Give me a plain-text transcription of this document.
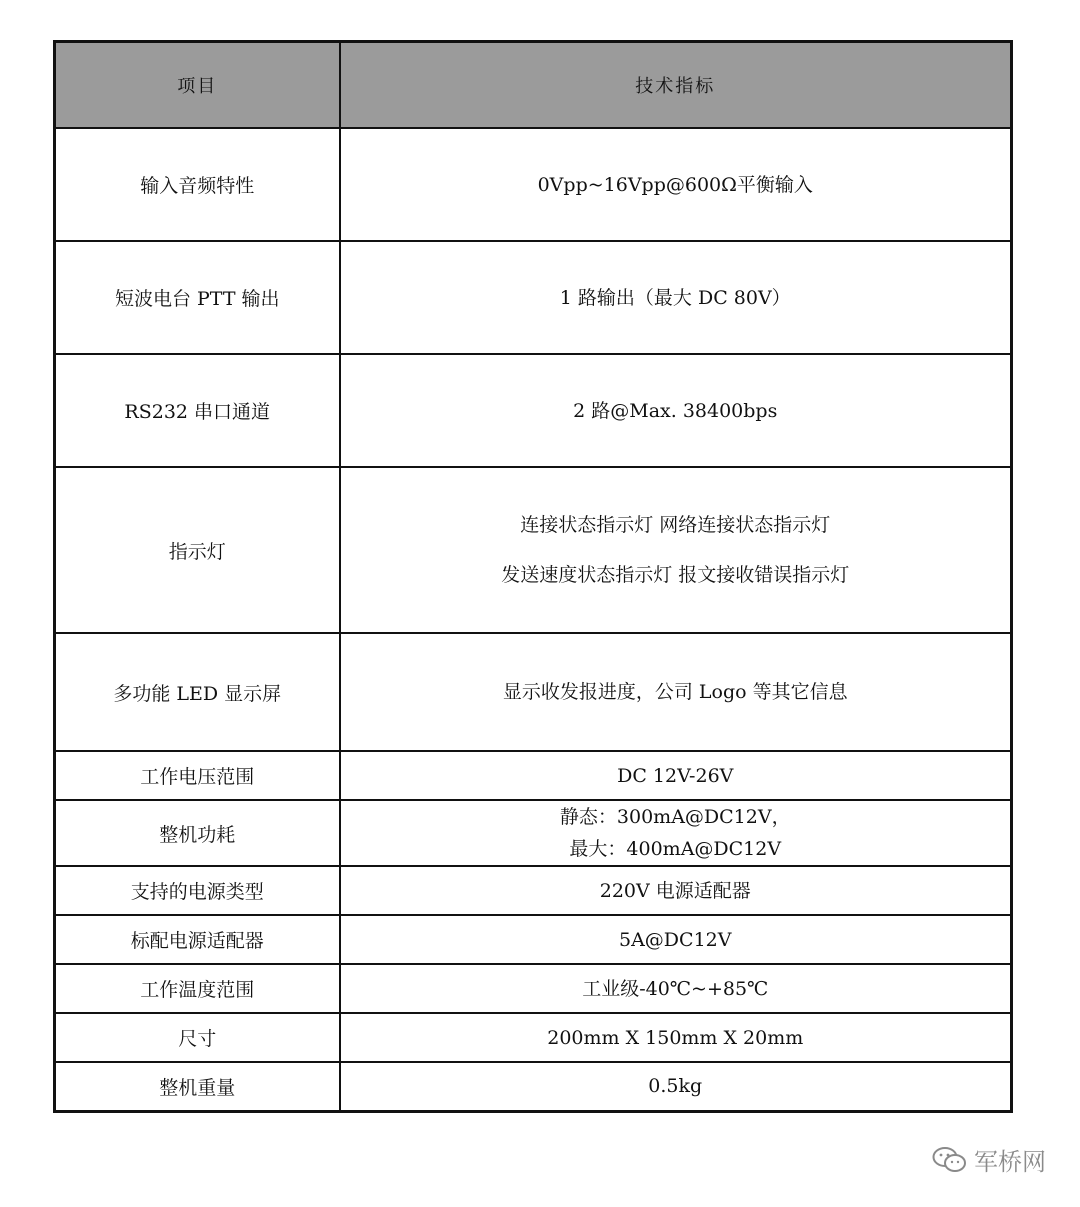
项目	技术指标
输入音频特性	0Vpp~16Vpp@600Ω平衡输入

短波电台 PTT 输出	1 路输出（最大 DC 80V）

RS232 串口通道	2 路@Max. 38400bps

指示灯	连接状态指示灯 网络连接状态指示灯
发送速度状态指示灯 报文接收错误指示灯

多功能 LED 显示屏	显示收发报进度，公司 Logo 等其它信息

工作电压范围	DC 12V-26V

整机功耗	静态：300mA@DC12V，
最大：400mA@DC12V

支持的电源类型	220V 电源适配器

标配电源适配器	5A@DC12V

工作温度范围	工业级-40℃~+85℃

尺寸	200mm X 150mm X 20mm

整机重量	0.5kg
军桥网
